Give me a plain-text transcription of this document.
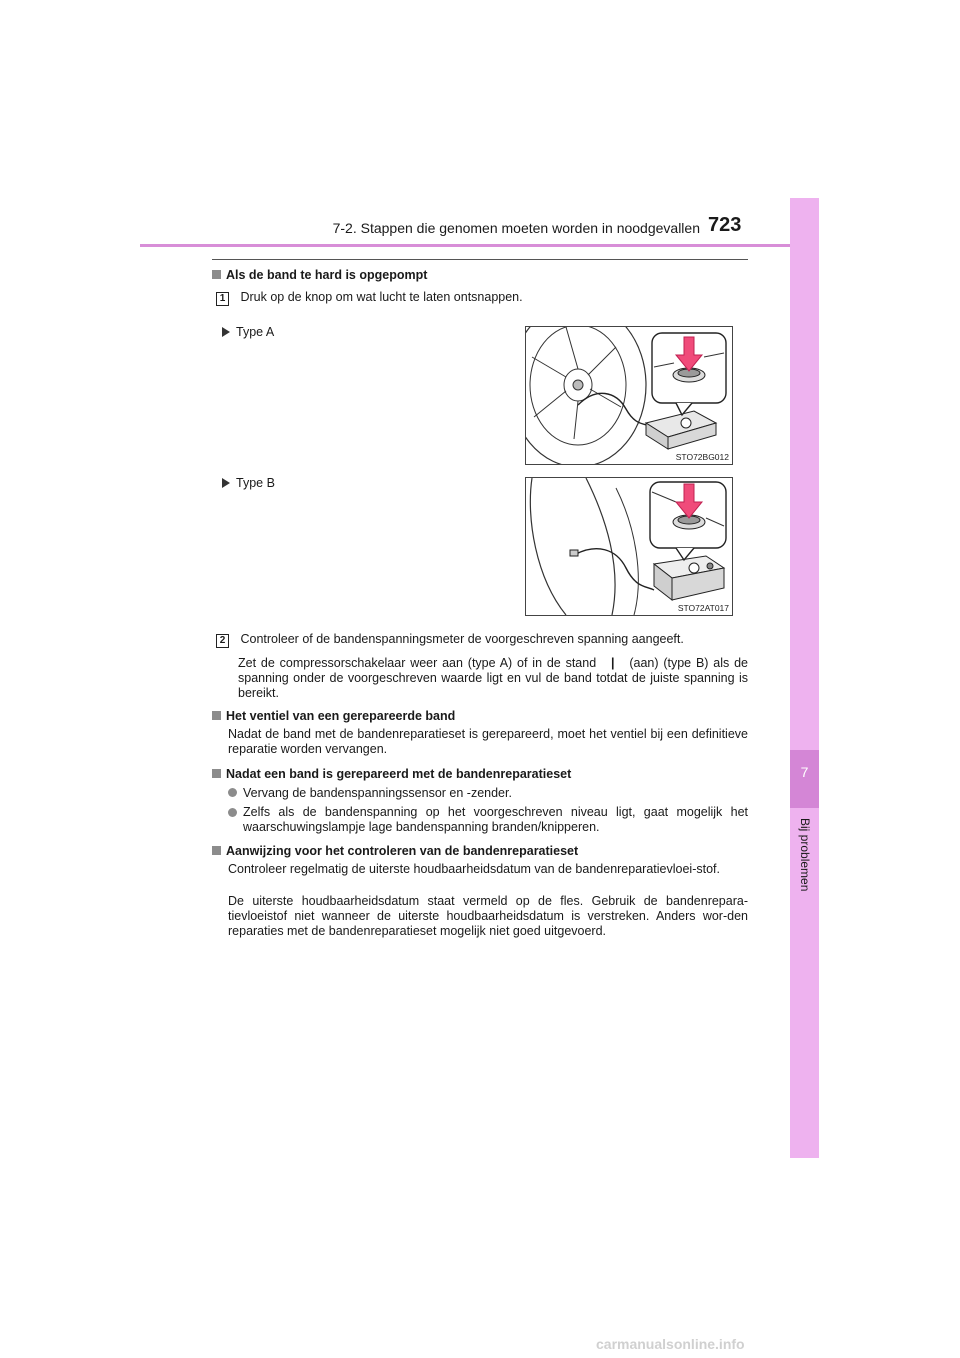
7-2. Stappen die genomen moeten worden in noodgevallen 723
7
Bij problemen
Als de band te hard is opgepompt
1 Druk op de knop om wat lucht te laten ontsnappen.
Type A
STO72BG012
Type B
STO72AT017
2 Controleer of de bandenspanningsmeter de voorgeschreven spanning aangeeft.
Zet de compressorschakelaar weer aan (type A) of in de stand | (aan) (type B) als de spanning onder de voorgeschreven waarde ligt en vul de band totdat de juiste spanning is bereikt.
Het ventiel van een gerepareerde band
Nadat de band met de bandenreparatieset is gerepareerd, moet het ventiel bij een definitieve reparatie worden vervangen.
Nadat een band is gerepareerd met de bandenreparatieset
Vervang de bandenspanningssensor en -zender.
Zelfs als de bandenspanning op het voorgeschreven niveau ligt, gaat mogelijk het waarschuwingslampje lage bandenspanning branden/knipperen.
Aanwijzing voor het controleren van de bandenreparatieset
Controleer regelmatig de uiterste houdbaarheidsdatum van de bandenreparatievloei-stof.
De uiterste houdbaarheidsdatum staat vermeld op de fles. Gebruik de bandenrepara-tievloeistof niet wanneer de uiterste houdbaarheidsdatum is verstreken. Anders wor-den reparaties met de bandenreparatieset mogelijk niet goed uitgevoerd.
carmanualsonline.info
